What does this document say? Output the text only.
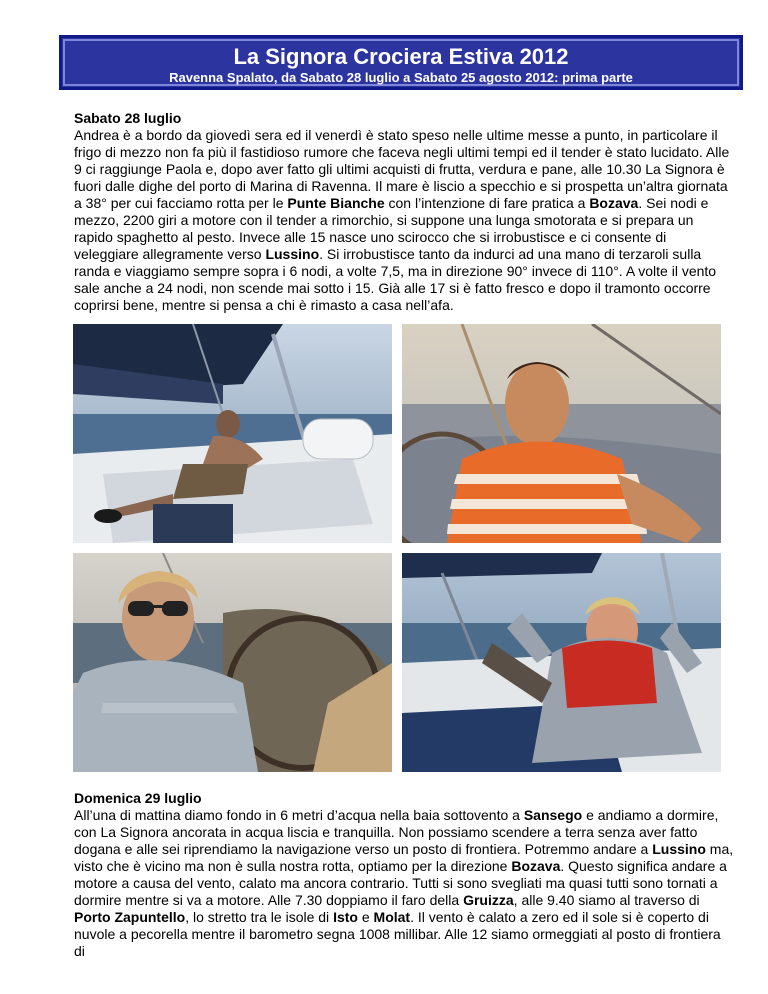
La Signora Crociera Estiva 2012
Ravenna Spalato, da Sabato 28 luglio a Sabato 25 agosto 2012: prima parte
Sabato 28 luglio

Andrea è a bordo da giovedì sera ed il venerdì è stato speso nelle ultime messe a punto, in particolare il frigo di mezzo non fa più il fastidioso rumore che faceva negli ultimi tempi ed il tender è stato lucidato. Alle 9 ci raggiunge Paola e, dopo aver fatto gli ultimi acquisti di frutta, verdura e pane, alle 10.30 La Signora è fuori dalle dighe del porto di Marina di Ravenna. Il mare è liscio a specchio e si prospetta un’altra giornata a 38° per cui facciamo rotta per le Punte Bianche con l’intenzione di fare pratica a Bozava. Sei nodi e mezzo, 2200 giri a motore con il tender a rimorchio, si suppone una lunga smotorata e si prepara un rapido spaghetto al pesto. Invece alle 15 nasce uno scirocco che si irrobustisce e ci consente di veleggiare allegramente verso Lussino. Si irrobustisce tanto da indurci ad una mano di terzaroli sulla randa e viaggiamo sempre sopra i 6 nodi, a volte 7,5, ma in direzione 90° invece di 110°. A volte il vento sale anche a 24 nodi, non scende mai sotto i 15. Già alle 17 si è fatto fresco e dopo il tramonto occorre coprirsi bene, mentre si pensa a chi è rimasto a casa nell’afa.

Domenica 29 luglio

All’una di mattina diamo fondo in 6 metri d’acqua nella baia sottovento a Sansego e andiamo a dormire, con La Signora ancorata in acqua liscia e tranquilla. Non possiamo scendere a terra senza aver fatto dogana e alle sei riprendiamo la navigazione verso un posto di frontiera. Potremmo andare a Lussino ma, visto che è vicino ma non è sulla nostra rotta, optiamo per la direzione Bozava. Questo significa andare a motore a causa del vento, calato ma ancora contrario. Tutti si sono svegliati ma quasi tutti sono tornati a dormire mentre si va a motore. Alle 7.30 doppiamo il faro della Gruizza, alle 9.40 siamo al traverso di Porto Zapuntello, lo stretto tra le isole di Isto e Molat. Il vento è calato a zero ed il sole si è coperto di nuvole a pecorella mentre il barometro segna 1008 millibar. Alle 12 siamo ormeggiati al posto di frontiera di
